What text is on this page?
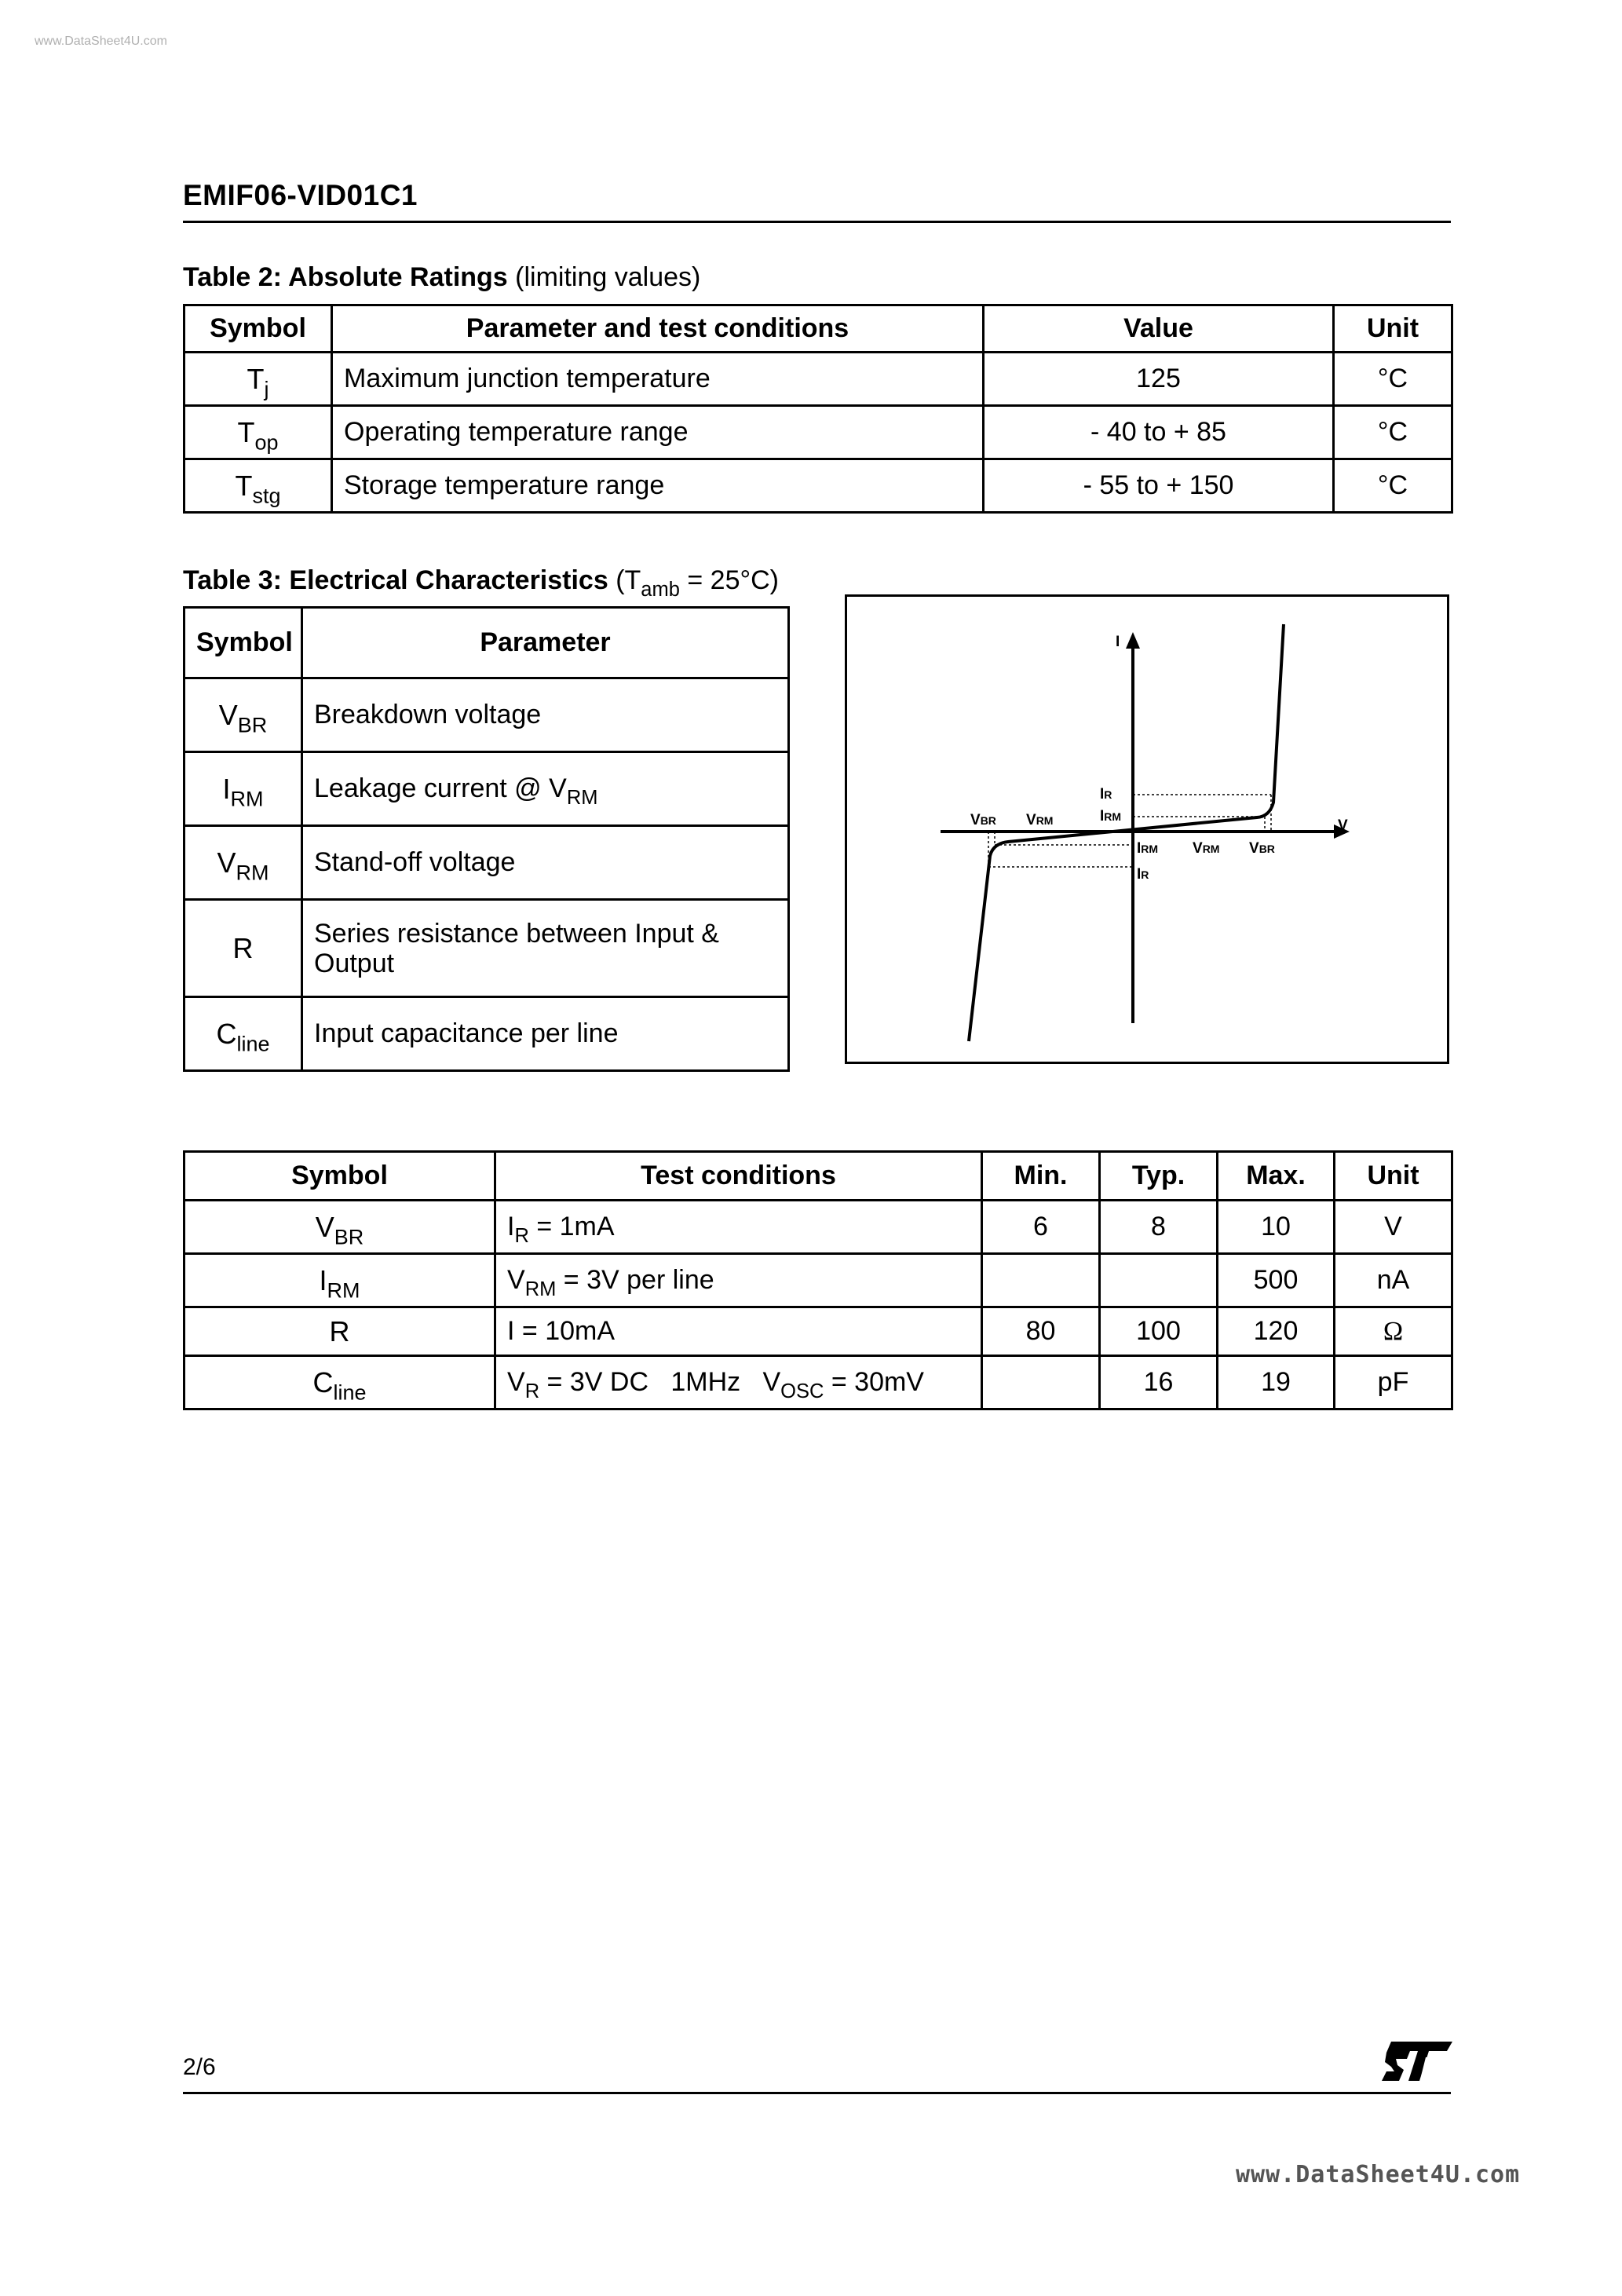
www.DataSheet4U.com
EMIF06-VID01C1
Table 2: Absolute Ratings (limiting values)
Symbol	Parameter and test conditions	Value	Unit
$T_j$	Maximum junction temperature	125	°C
$T_{op}$	Operating temperature range	- 40 to + 85	°C
$T_{stg}$	Storage temperature range	- 55 to + 150	°C
Table 3: Electrical Characteristics $(T_{amb} = 25^\circ C)$
Symbol	Parameter
$V_{BR}$	Breakdown voltage
$I_{RM}$	Leakage current @ $V_{RM}$
$V_{RM}$	Stand-off voltage
R	Series resistance between Input & Output
$C_{line}$	Input capacitance per line
I
V
VBR VRM
IR
IRM
IRM VRM VBR
IR
Symbol	Test conditions	Min.	Typ.	Max.	Unit
$V_{BR}$	$I_R = 1mA$	6	8	10	V
$I_{RM}$	$V_{RM} = 3V$ per line			500	nA
R	I = 10mA	80	100	120	Ω
$C_{line}$	$V_R = 3V$ DC   1MHz   $V_{OSC} = 30mV$		16	19	pF
2/6
www.DataSheet4U.com
